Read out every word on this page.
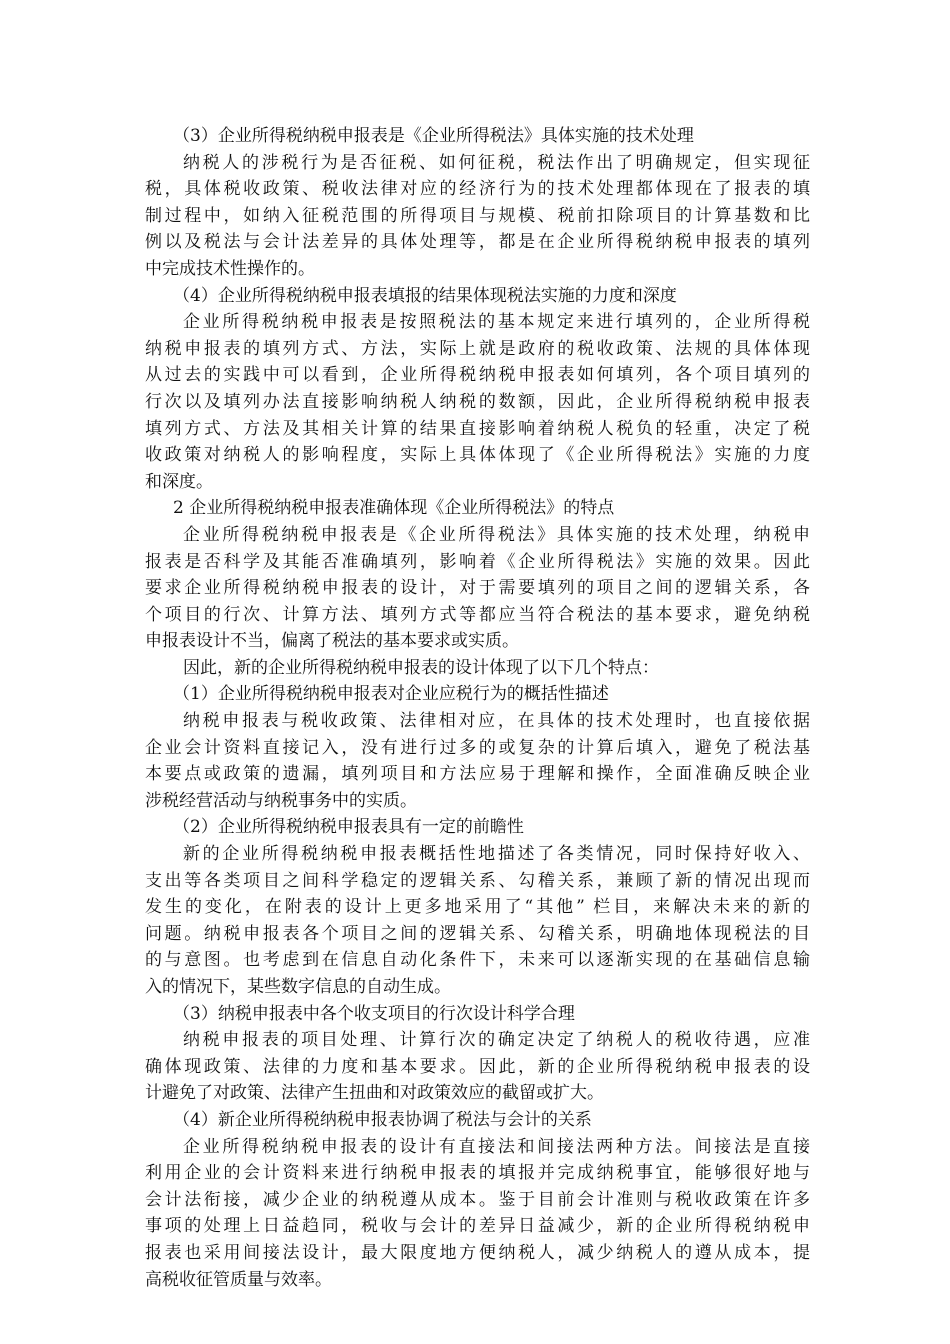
（3）企业所得税纳税申报表是《企业所得税法》具体实施的技术处理
纳税人的涉税行为是否征税、如何征税，税法作出了明确规定，但实现征
税，具体税收政策、税收法律对应的经济行为的技术处理都体现在了报表的填
制过程中，如纳入征税范围的所得项目与规模、税前扣除项目的计算基数和比
例以及税法与会计法差异的具体处理等，都是在企业所得税纳税申报表的填列
中完成技术性操作的。
（4）企业所得税纳税申报表填报的结果体现税法实施的力度和深度
企业所得税纳税申报表是按照税法的基本规定来进行填列的，企业所得税
纳税申报表的填列方式、方法，实际上就是政府的税收政策、法规的具体体现
从过去的实践中可以看到，企业所得税纳税申报表如何填列，各个项目填列的
行次以及填列办法直接影响纳税人纳税的数额，因此，企业所得税纳税申报表
填列方式、方法及其相关计算的结果直接影响着纳税人税负的轻重，决定了税
收政策对纳税人的影响程度，实际上具体体现了《企业所得税法》实施的力度
和深度。
2 企业所得税纳税申报表准确体现《企业所得税法》的特点
企业所得税纳税申报表是《企业所得税法》具体实施的技术处理，纳税申
报表是否科学及其能否准确填列，影响着《企业所得税法》实施的效果。因此
要求企业所得税纳税申报表的设计，对于需要填列的项目之间的逻辑关系，各
个项目的行次、计算方法、填列方式等都应当符合税法的基本要求，避免纳税
申报表设计不当，偏离了税法的基本要求或实质。
因此，新的企业所得税纳税申报表的设计体现了以下几个特点：
（1）企业所得税纳税申报表对企业应税行为的概括性描述
纳税申报表与税收政策、法律相对应，在具体的技术处理时，也直接依据
企业会计资料直接记入，没有进行过多的或复杂的计算后填入，避免了税法基
本要点或政策的遗漏，填列项目和方法应易于理解和操作，全面准确反映企业
涉税经营活动与纳税事务中的实质。
（2）企业所得税纳税申报表具有一定的前瞻性
新的企业所得税纳税申报表概括性地描述了各类情况，同时保持好收入、
支出等各类项目之间科学稳定的逻辑关系、勾稽关系，兼顾了新的情况出现而
发生的变化，在附表的设计上更多地采用了“其他” 栏目，来解决未来的新的
问题。纳税申报表各个项目之间的逻辑关系、勾稽关系，明确地体现税法的目
的与意图。也考虑到在信息自动化条件下，未来可以逐渐实现的在基础信息输
入的情况下，某些数字信息的自动生成。
（3）纳税申报表中各个收支项目的行次设计科学合理
纳税申报表的项目处理、计算行次的确定决定了纳税人的税收待遇，应准
确体现政策、法律的力度和基本要求。因此，新的企业所得税纳税申报表的设
计避免了对政策、法律产生扭曲和对政策效应的截留或扩大。
（4）新企业所得税纳税申报表协调了税法与会计的关系
企业所得税纳税申报表的设计有直接法和间接法两种方法。间接法是直接
利用企业的会计资料来进行纳税申报表的填报并完成纳税事宜，能够很好地与
会计法衔接，减少企业的纳税遵从成本。鉴于目前会计准则与税收政策在许多
事项的处理上日益趋同，税收与会计的差异日益减少，新的企业所得税纳税申
报表也采用间接法设计，最大限度地方便纳税人，减少纳税人的遵从成本，提
高税收征管质量与效率。
